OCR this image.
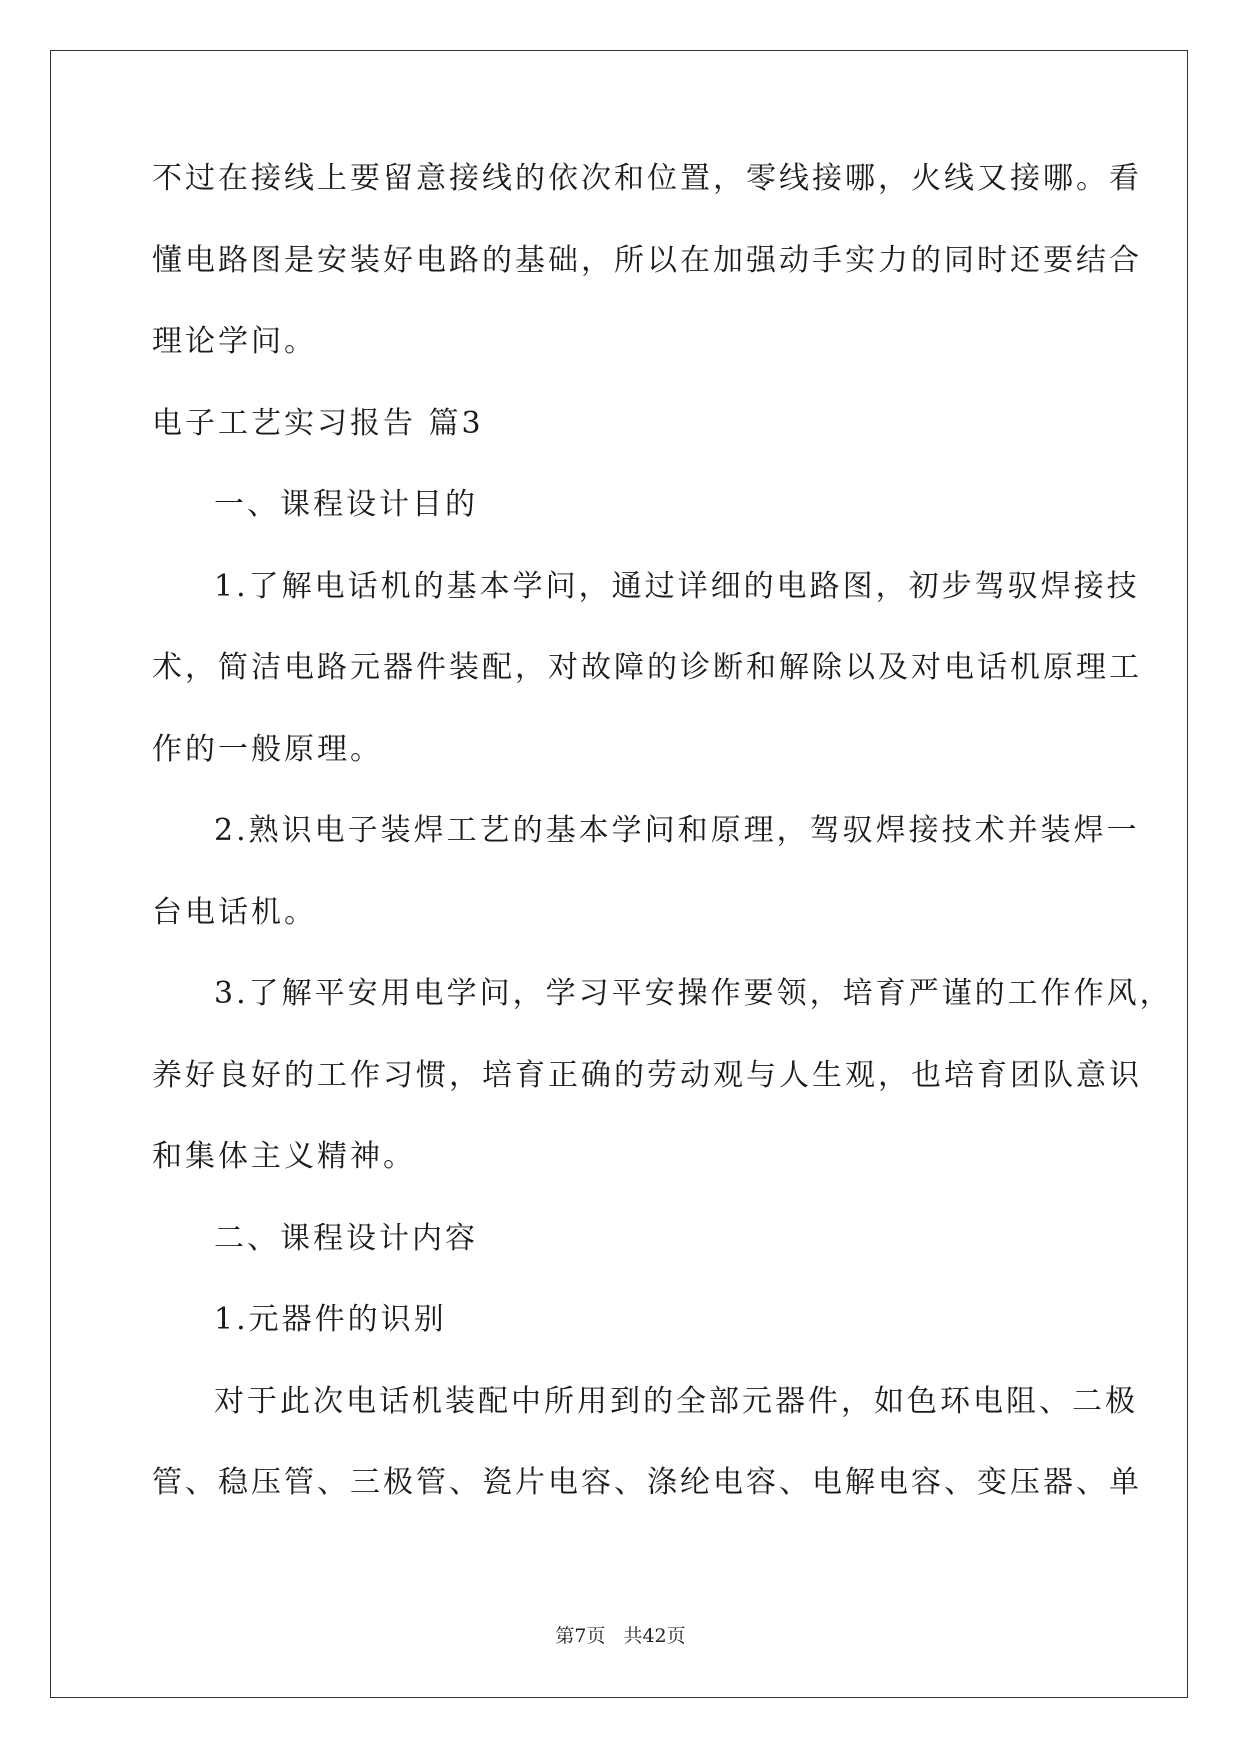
不过在接线上要留意接线的依次和位置，零线接哪，火线又接哪。看
懂电路图是安装好电路的基础，所以在加强动手实力的同时还要结合
理论学问。
电子工艺实习报告 篇3
一、课程设计目的
1.了解电话机的基本学问，通过详细的电路图，初步驾驭焊接技
术，简洁电路元器件装配，对故障的诊断和解除以及对电话机原理工
作的一般原理。
2.熟识电子装焊工艺的基本学问和原理，驾驭焊接技术并装焊一
台电话机。
3.了解平安用电学问，学习平安操作要领，培育严谨的工作作风，
养好良好的工作习惯，培育正确的劳动观与人生观，也培育团队意识
和集体主义精神。
二、课程设计内容
1.元器件的识别
对于此次电话机装配中所用到的全部元器件，如色环电阻、二极
管、稳压管、三极管、瓷片电容、涤纶电容、电解电容、变压器、单
第7页 共42页
